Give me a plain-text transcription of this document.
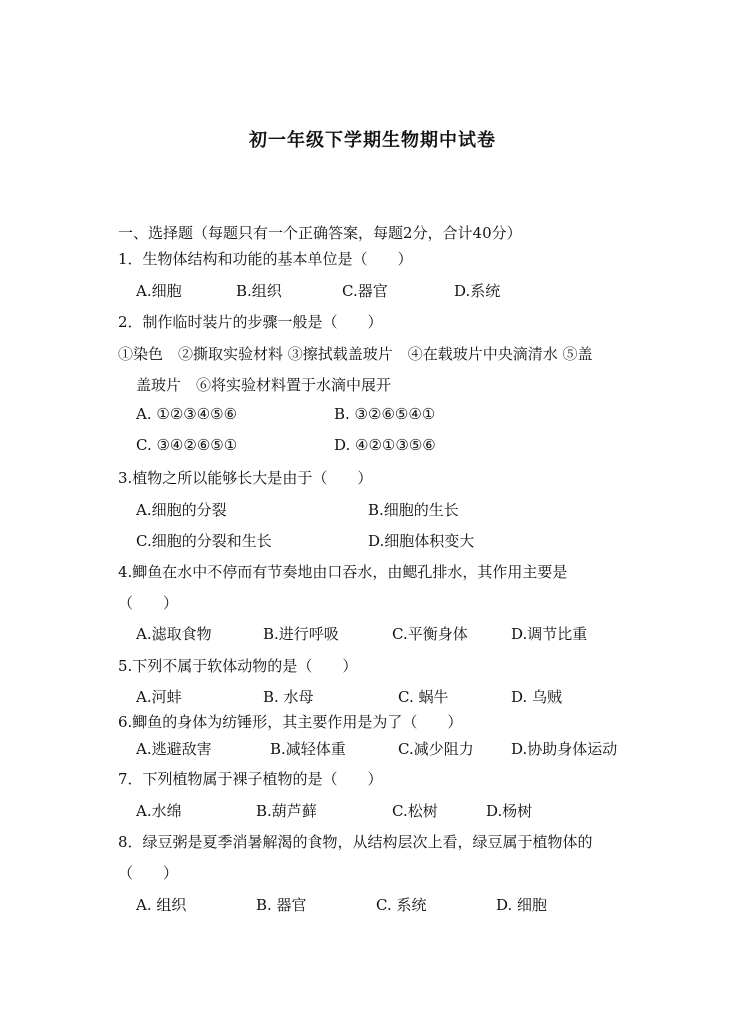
初一年级下学期生物期中试卷
一、选择题（每题只有一个正确答案，每题2分，合计40分）
1．生物体结构和功能的基本单位是（　　）
A.细胞	B.组织	C.器官	D.系统
2．制作临时装片的步骤一般是（　　）
①染色　②撕取实验材料 ③擦拭载盖玻片　④在载玻片中央滴清水 ⑤盖
盖玻片　⑥将实验材料置于水滴中展开
A. ①②③④⑤⑥	B. ③②⑥⑤④①
C. ③④②⑥⑤①	D. ④②①③⑤⑥
3.植物之所以能够长大是由于（　　）
A.细胞的分裂	B.细胞的生长
C.细胞的分裂和生长	D.细胞体积变大
4.鲫鱼在水中不停而有节奏地由口吞水，由鳃孔排水，其作用主要是
（　　）
A.滤取食物	B.进行呼吸	C.平衡身体	D.调节比重
5.下列不属于软体动物的是（　　）
A.河蚌	B. 水母	C. 蜗牛	D. 乌贼
6.鲫鱼的身体为纺锤形，其主要作用是为了（　　）
A.逃避敌害	B.减轻体重	C.减少阻力 D.协助身体运动
7．下列植物属于裸子植物的是（　　）
A.水绵	B.葫芦藓	C.松树	D.杨树
8．绿豆粥是夏季消暑解渴的食物，从结构层次上看，绿豆属于植物体的
（　　）
A. 组织	B. 器官	C. 系统	D. 细胞
